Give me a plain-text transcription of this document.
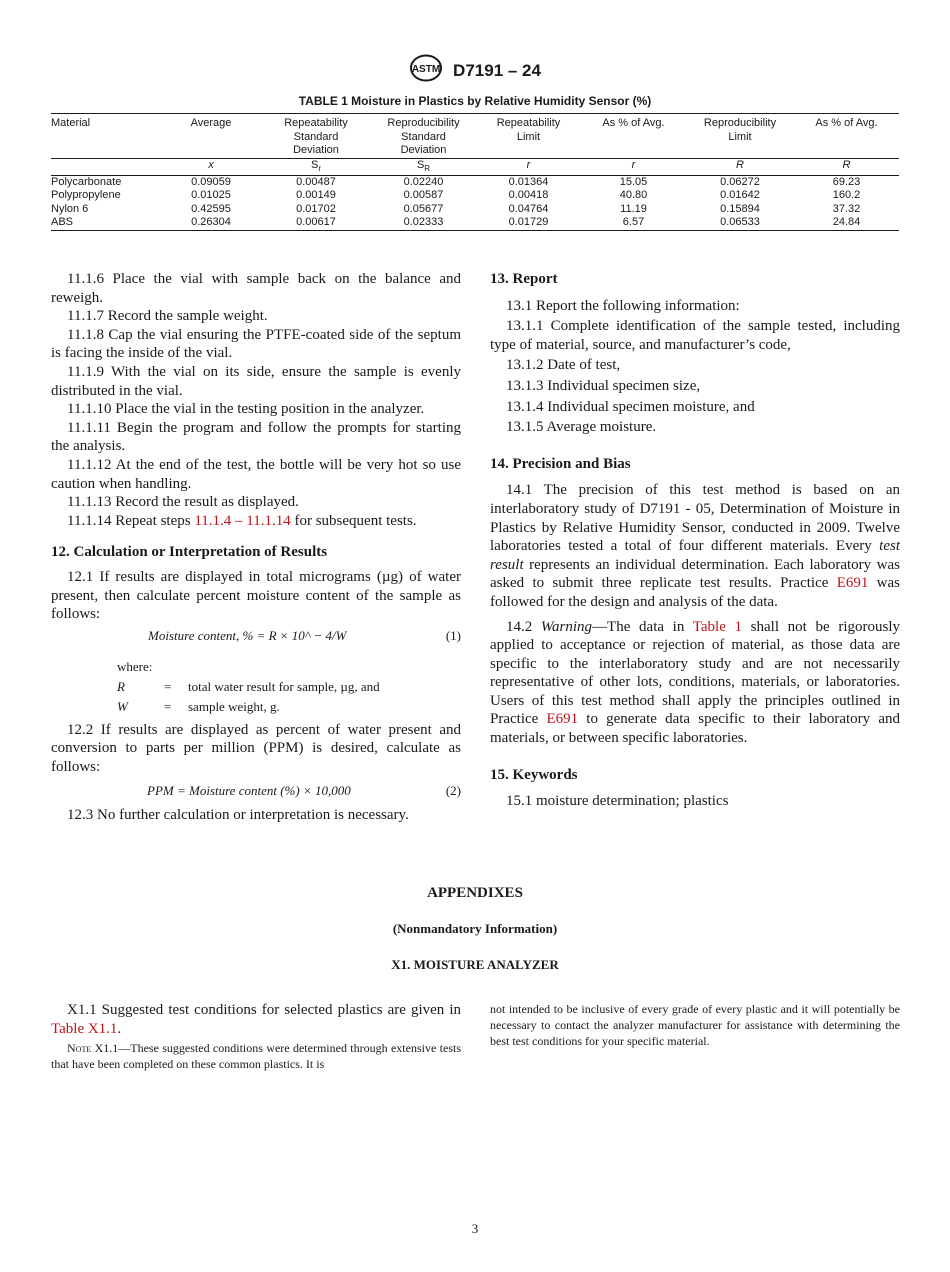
ASTM D7191 – 24
TABLE 1 Moisture in Plastics by Relative Humidity Sensor (%)
Material	Average	Repeatability
Standard
Deviation	Reproducibility
Standard
Deviation	Repeatability
Limit	As % of Avg.	Reproducibility
Limit	As % of Avg.
	x	$S_r$	$S_R$	r	r	R	R
Polycarbonate	0.09059	0.00487	0.02240	0.01364	15.05	0.06272	69.23
Polypropylene	0.01025	0.00149	0.00587	0.00418	40.80	0.01642	160.2
Nylon 6	0.42595	0.01702	0.05677	0.04764	11.19	0.15894	37.32
ABS	0.26304	0.00617	0.02333	0.01729	6.57	0.06533	24.84

11.1.6 Place the vial with sample back on the balance and reweigh.

11.1.7 Record the sample weight.

11.1.8 Cap the vial ensuring the PTFE-coated side of the septum is facing the inside of the vial.

11.1.9 With the vial on its side, ensure the sample is evenly distributed in the vial.

11.1.10 Place the vial in the testing position in the analyzer.

11.1.11 Begin the program and follow the prompts for starting the analysis.

11.1.12 At the end of the test, the bottle will be very hot so use caution when handling.

11.1.13 Record the result as displayed.

11.1.14 Repeat steps 11.1.4 – 11.1.14 for subsequent tests.

12. Calculation or Interpretation of Results

12.1 If results are displayed in total micrograms (µg) of water present, then calculate percent moisture content of the sample as follows:

Moisture content, % = R × 10^ − 4/W	(1)
where:
R	= total water result for sample, µg, and
W	= sample weight, g.

12.2 If results are displayed as percent of water present and conversion to parts per million (PPM) is desired, calculate as follows:

PPM = Moisture content (%) × 10,000	(2)

12.3 No further calculation or interpretation is necessary.

13. Report

13.1 Report the following information:

13.1.1 Complete identification of the sample tested, including type of material, source, and manufacturer’s code,

13.1.2 Date of test,

13.1.3 Individual specimen size,

13.1.4 Individual specimen moisture, and

13.1.5 Average moisture.

14. Precision and Bias

14.1 The precision of this test method is based on an interlaboratory study of D7191 - 05, Determination of Moisture in Plastics by Relative Humidity Sensor, conducted in 2009. Twelve laboratories tested a total of four different materials. Every test result represents an individual determination. Each laboratory was asked to submit three replicate test results. Practice E691 was followed for the design and analysis of the data.

14.2 Warning—The data in Table 1 shall not be rigorously applied to acceptance or rejection of material, as those data are specific to the interlaboratory study and are not necessarily representative of other lots, conditions, materials, or laboratories. Users of this test method shall apply the principles outlined in Practice E691 to generate data specific to their laboratory and materials, or between specific laboratories.

15. Keywords

15.1 moisture determination; plastics

APPENDIXES
(Nonmandatory Information)
X1. MOISTURE ANALYZER

X1.1 Suggested test conditions for selected plastics are given in Table X1.1.

Note X1.1—These suggested conditions were determined through extensive tests that have been completed on these common plastics. It is
not intended to be inclusive of every grade of every plastic and it will potentially be necessary to contact the analyzer manufacturer for assistance with determining the best test conditions for your specific material.
3
